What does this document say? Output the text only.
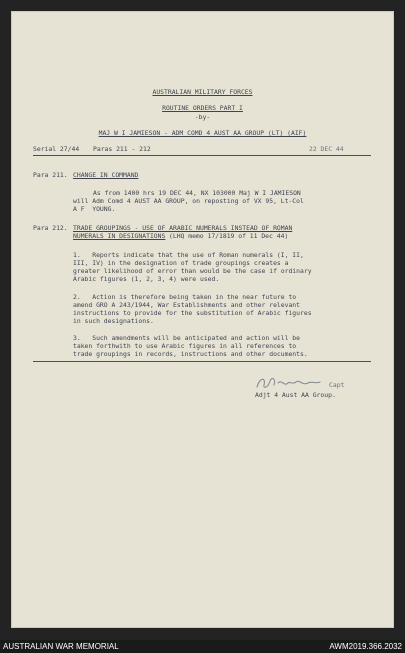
AUSTRALIAN MILITARY FORCES
ROUTINE ORDERS PART I
-by-
MAJ W I JAMIESON - ADM COMD 4 AUST AA GROUP (LT) (AIF)
Serial 27/44 Paras 211 - 212	22 DEC 44
Para 211. CHANGE IN COMMAND
As from 1400 hrs 19 DEC 44, NX 103000 Maj W I JAMIESON
will Adm Comd 4 AUST AA GROUP, on reposting of VX 95, Lt-Col
A F  YOUNG.
Para 212. TRADE GROUPINGS - USE OF ARABIC NUMERALS INSTEAD OF ROMAN
NUMERALS IN DESIGNATIONS (LHQ memo 17/1819 of 11 Dec 44)
1.   Reports indicate that the use of Roman numerals (I, II,
III, IV) in the designation of trade groupings creates a
greater likelihood of error than would be the case if ordinary
Arabic figures (1, 2, 3, 4) were used.
2.   Action is therefore being taken in the near future to
amend GRO A 243/1944, War Establishments and other relevant
instructions to provide for the substitution of Arabic figures
in such designations.
3.   Such amendments will be anticipated and action will be
taken forthwith to use Arabic figures in all references to
trade groupings in records, instructions and other documents.
Capt
Adjt 4 Aust AA Group.
AUSTRALIAN WAR MEMORIAL	AWM2019.366.2032
